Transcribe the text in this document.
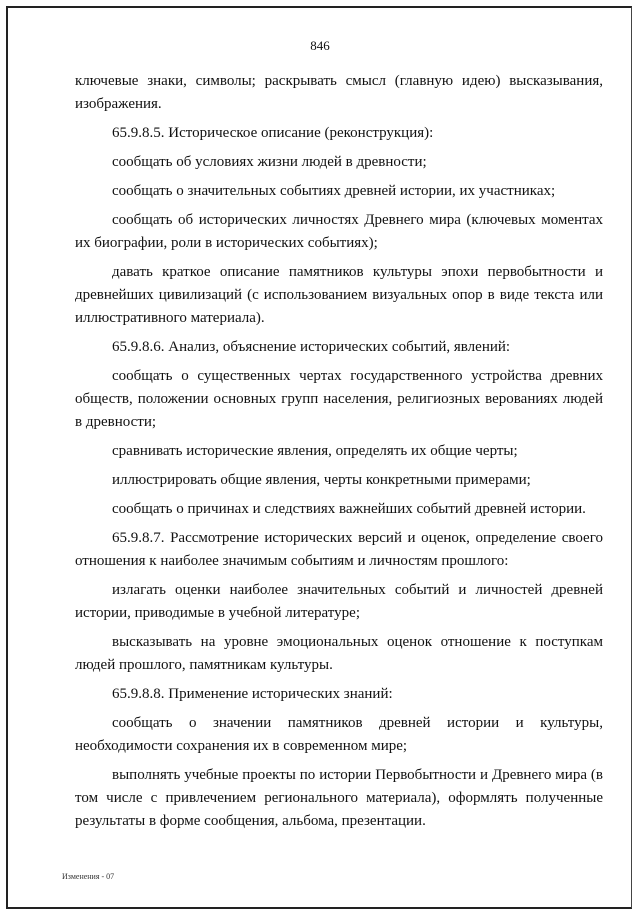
846

ключевые знаки, символы; раскрывать смысл (главную идею) высказывания, изображения.

65.9.8.5. Историческое описание (реконструкция):

сообщать об условиях жизни людей в древности;

сообщать о значительных событиях древней истории, их участниках;

сообщать об исторических личностях Древнего мира (ключевых моментах их биографии, роли в исторических событиях);

давать краткое описание памятников культуры эпохи первобытности и древнейших цивилизаций (с использованием визуальных опор в виде текста или иллюстративного материала).

65.9.8.6. Анализ, объяснение исторических событий, явлений:

сообщать о существенных чертах государственного устройства древних обществ, положении основных групп населения, религиозных верованиях людей в древности;

сравнивать исторические явления, определять их общие черты;

иллюстрировать общие явления, черты конкретными примерами;

сообщать о причинах и следствиях важнейших событий древней истории.

65.9.8.7. Рассмотрение исторических версий и оценок, определение своего отношения к наиболее значимым событиям и личностям прошлого:

излагать оценки наиболее значительных событий и личностей древней истории, приводимые в учебной литературе;

высказывать на уровне эмоциональных оценок отношение к поступкам людей прошлого, памятникам культуры.

65.9.8.8. Применение исторических знаний:

сообщать о значении памятников древней истории и культуры, необходимости сохранения их в современном мире;

выполнять учебные проекты по истории Первобытности и Древнего мира (в том числе с привлечением регионального материала), оформлять полученные результаты в форме сообщения, альбома, презентации.

Изменения - 07
